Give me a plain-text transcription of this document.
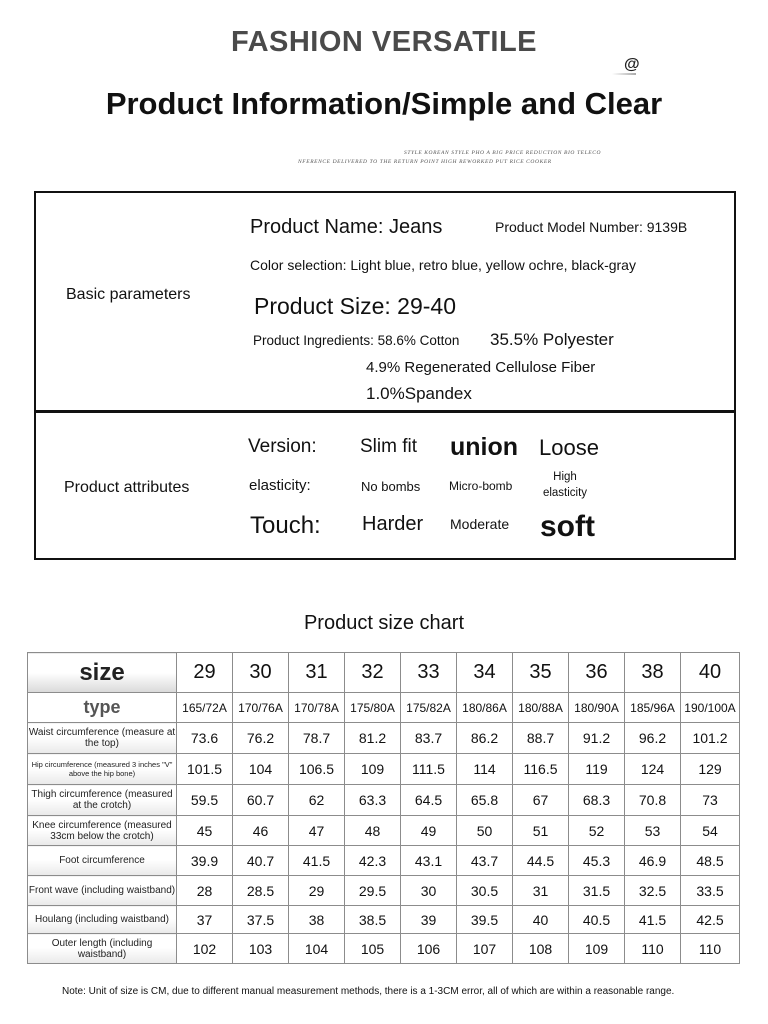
FASHION VERSATILE
@
Product Information/Simple and Clear
STYLE KOREAN STYLE PHO A BIG PRICE REDUCTION BIO TELECO
NFERENCE DELIVERED TO THE RETURN POINT HIGH REWORKED PUT RICE COOKER
Basic parameters
Product Name: Jeans	Product Model Number: 9139B
Color selection: Light blue, retro blue, yellow ochre, black-gray
Product Size: 29-40
Product Ingredients: 58.6% Cotton 35.5% Polyester
4.9% Regenerated Cellulose Fiber
1.0%Spandex
Product attributes
Version: Slim fit union Loose
elasticity:	No bombs Micro-bomb
High elasticity
Touch: Harder Moderate soft
Product size chart
size	29	30	31	32	33	34	35	36	38	40
type	165/72A	170/76A	170/78A	175/80A	175/82A	180/86A	180/88A	180/90A	185/96A	190/100A
Waist circumference (measure at the top)	73.6	76.2	78.7	81.2	83.7	86.2	88.7	91.2	96.2	101.2
Hip circumference (measured 3 inches "V" above the hip bone)	101.5	104	106.5	109	111.5	114	116.5	119	124	129
Thigh circumference (measured at the crotch)	59.5	60.7	62	63.3	64.5	65.8	67	68.3	70.8	73
Knee circumference (measured 33cm below the crotch)	45	46	47	48	49	50	51	52	53	54
Foot circumference	39.9	40.7	41.5	42.3	43.1	43.7	44.5	45.3	46.9	48.5
Front wave (including waistband)	28	28.5	29	29.5	30	30.5	31	31.5	32.5	33.5
Houlang (including waistband)	37	37.5	38	38.5	39	39.5	40	40.5	41.5	42.5
Outer length (including waistband)	102	103	104	105	106	107	108	109	110	110
Note: Unit of size is CM, due to different manual measurement methods, there is a 1-3CM error, all of which are within a reasonable range.
